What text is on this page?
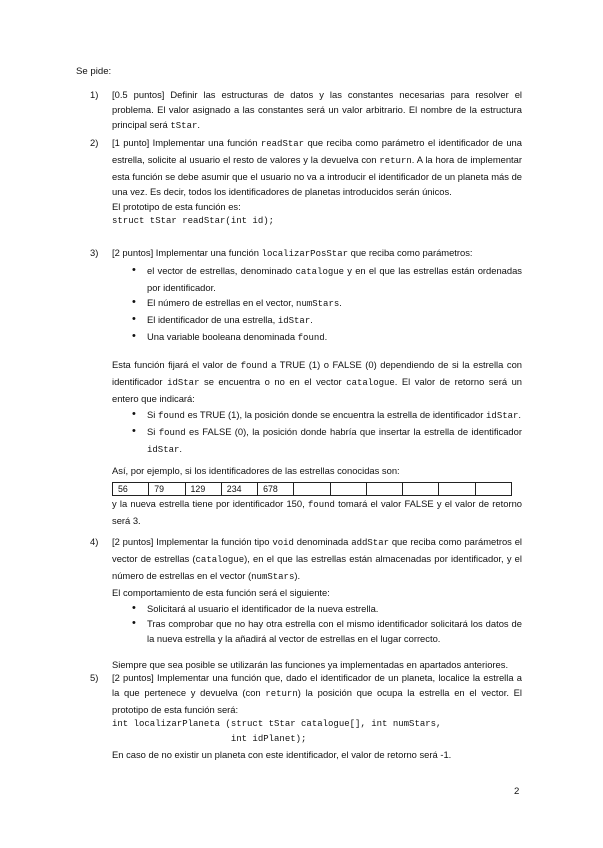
Se pide:
1)	[0.5 puntos] Definir las estructuras de datos y las constantes necesarias para resolver el problema. El valor asignado a las constantes será un valor arbitrario. El nombre de la estructura principal será tStar.
2)	[1 punto] Implementar una función readStar que reciba como parámetro el identificador de una estrella, solicite al usuario el resto de valores y la devuelva con return. A la hora de implementar esta función se debe asumir que el usuario no va a introducir el identificador de un planeta más de una vez. Es decir, todos los identificadores de planetas introducidos serán únicos.
El prototipo de esta función es:
struct tStar readStar(int id);
3)	[2 puntos] Implementar una función localizarPosStar que reciba como parámetros:
• el vector de estrellas, denominado catalogue y en el que las estrellas están ordenadas por identificador.
• El número de estrellas en el vector, numStars.
• El identificador de una estrella, idStar.
• Una variable booleana denominada found.
Esta función fijará el valor de found a TRUE (1) o FALSE (0) dependiendo de si la estrella con identificador idStar se encuentra o no en el vector catalogue. El valor de retorno será un entero que indicará:
• Si found es TRUE (1), la posición donde se encuentra la estrella de identificador idStar.
• Si found es FALSE (0), la posición donde habría que insertar la estrella de identificador idStar.
Así, por ejemplo, si los identificadores de las estrellas conocidas son:
56	79	129	234	678						
y la nueva estrella tiene por identificador 150, found tomará el valor FALSE y el valor de retorno será 3.
4)	[2 puntos] Implementar la función tipo void denominada addStar que reciba como parámetros el vector de estrellas (catalogue), en el que las estrellas están almacenadas por identificador, y el número de estrellas en el vector (numStars).
El comportamiento de esta función será el siguiente:
• Solicitará al usuario el identificador de la nueva estrella.
• Tras comprobar que no hay otra estrella con el mismo identificador solicitará los datos de la nueva estrella y la añadirá al vector de estrellas en el lugar correcto.
Siempre que sea posible se utilizarán las funciones ya implementadas en apartados anteriores.
5)	[2 puntos] Implementar una función que, dado el identificador de un planeta, localice la estrella a la que pertenece y devuelva (con return) la posición que ocupa la estrella en el vector. El prototipo de esta función será:
int localizarPlaneta (struct tStar catalogue[], int numStars,
int idPlanet);
En caso de no existir un planeta con este identificador, el valor de retorno será -1.
2
